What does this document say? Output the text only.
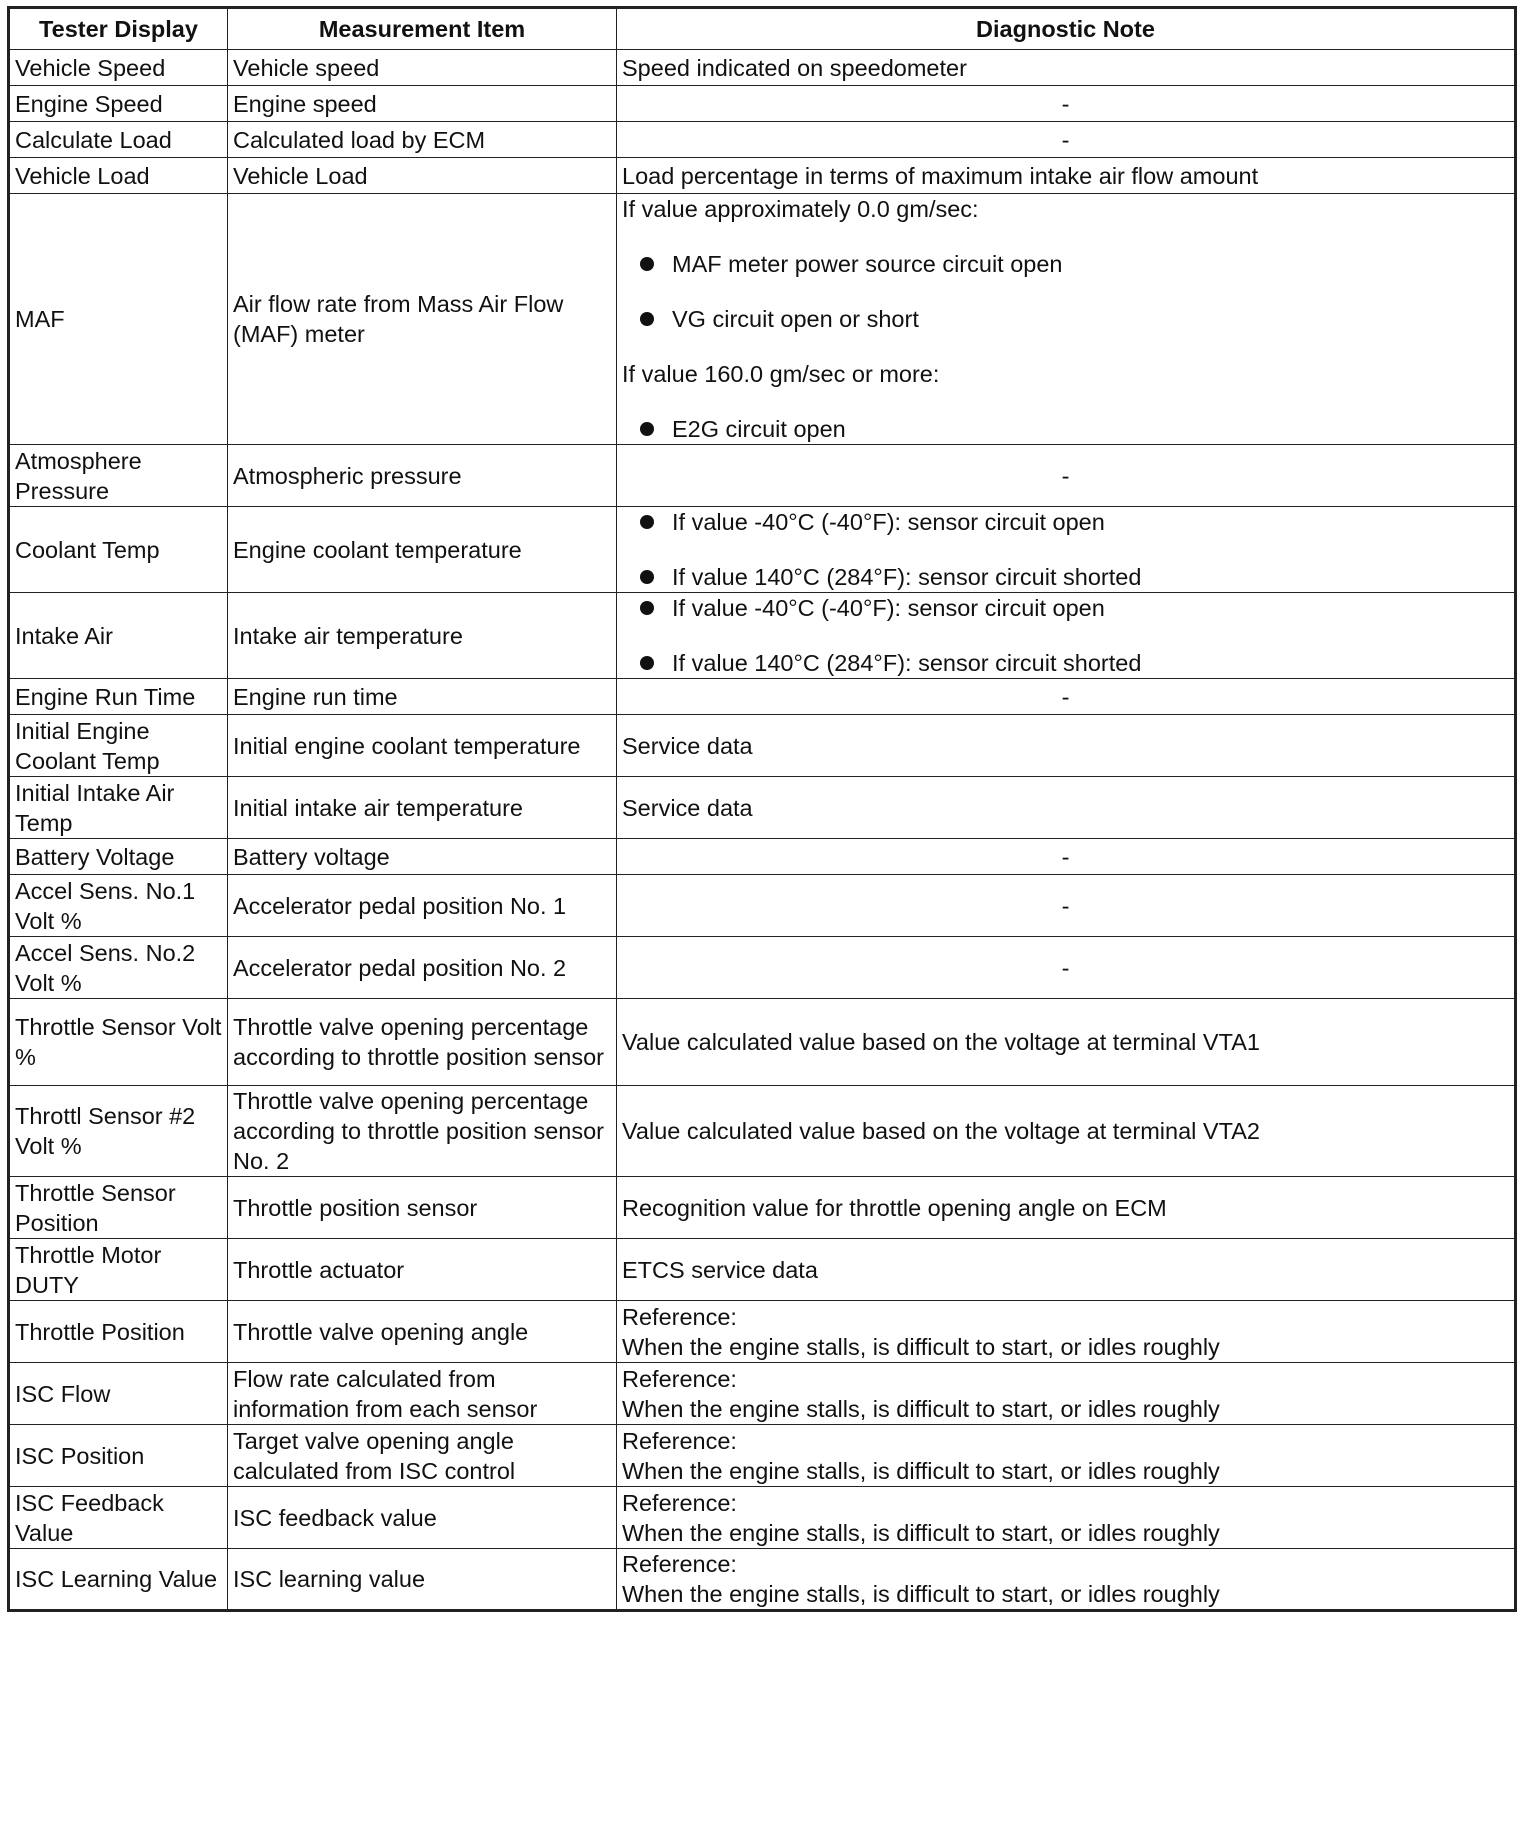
Tester Display	Measurement Item	Diagnostic Note
Vehicle Speed	Vehicle speed	Speed indicated on speedometer
Engine Speed	Engine speed	-
Calculate Load	Calculated load by ECM	-
Vehicle Load	Vehicle Load	Load percentage in terms of maximum intake air flow amount
MAF	Air flow rate from Mass Air Flow (MAF) meter	If value approximately 0.0 gm/sec:
MAF meter power source circuit open
VG circuit open or short
If value 160.0 gm/sec or more:
E2G circuit open

Atmosphere Pressure	Atmospheric pressure	-
Coolant Temp	Engine coolant temperature	If value -40°C (-40°F): sensor circuit open
If value 140°C (284°F): sensor circuit shorted

Intake Air	Intake air temperature	If value -40°C (-40°F): sensor circuit open
If value 140°C (284°F): sensor circuit shorted

Engine Run Time	Engine run time	-
Initial Engine Coolant Temp	Initial engine coolant temperature	Service data
Initial Intake Air Temp	Initial intake air temperature	Service data
Battery Voltage	Battery voltage	-
Accel Sens. No.1 Volt %	Accelerator pedal position No. 1	-
Accel Sens. No.2 Volt %	Accelerator pedal position No. 2	-
Throttle Sensor Volt %	Throttle valve opening percentage according to throttle position sensor	Value calculated value based on the voltage at terminal VTA1
Throttl Sensor #2 Volt %	Throttle valve opening percentage according to throttle position sensor No. 2	Value calculated value based on the voltage at terminal VTA2
Throttle Sensor Position	Throttle position sensor	Recognition value for throttle opening angle on ECM
Throttle Motor DUTY	Throttle actuator	ETCS service data
Throttle Position	Throttle valve opening angle	Reference:
When the engine stalls, is difficult to start, or idles roughly

ISC Flow	Flow rate calculated from information from each sensor	Reference:
When the engine stalls, is difficult to start, or idles roughly

ISC Position	Target valve opening angle calculated from ISC control	Reference:
When the engine stalls, is difficult to start, or idles roughly

ISC Feedback Value	ISC feedback value	Reference:
When the engine stalls, is difficult to start, or idles roughly

ISC Learning Value	ISC learning value	Reference:
When the engine stalls, is difficult to start, or idles roughly
